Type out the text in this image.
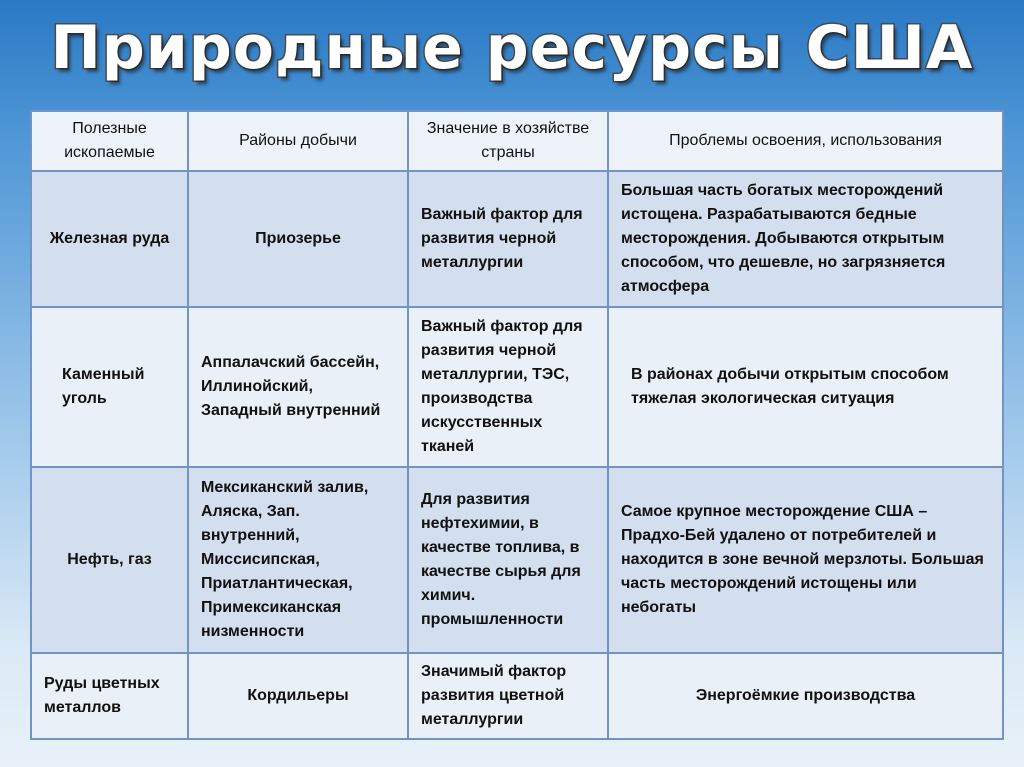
Природные ресурсы США
Полезные ископаемые	Районы добычи	Значение в хозяйстве страны	Проблемы освоения, использования
Железная руда	Приозерье	Важный фактор для развития черной металлургии	Большая часть богатых месторождений истощена. Разрабатываются бедные месторождения. Добываются открытым способом, что дешевле, но загрязняется атмосфера
Каменный уголь	Аппалачский бассейн, Иллинойский, Западный внутренний	Важный фактор для развития черной металлургии, ТЭС, производства искусственных тканей	В районах добычи открытым способом тяжелая экологическая ситуация
Нефть, газ	Мексиканский залив, Аляска, Зап. внутренний, Миссисипская, Приатлантическая, Примексиканская низменности	Для развития нефтехимии, в качестве топлива, в качестве сырья для химич. промышленности	Самое крупное месторождение США – Прадхо-Бей удалено от потребителей и находится в зоне вечной мерзлоты. Большая часть месторождений истощены или небогаты
Руды цветных металлов	Кордильеры	Значимый фактор развития цветной металлургии	Энергоёмкие производства
